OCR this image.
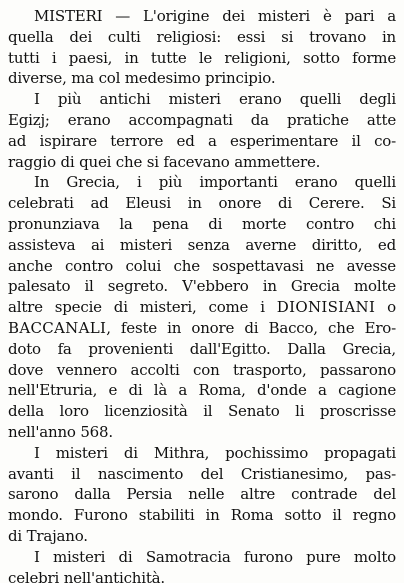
MISTERI — L'origine dei misteri è pari a
quella dei culti religiosi: essi si trovano in
tutti i paesi, in tutte le religioni, sotto forme
diverse, ma col medesimo principio.
I più antichi misteri erano quelli degli
Egizj; erano accompagnati da pratiche atte
ad ispirare terrore ed a esperimentare il co-
raggio di quei che si facevano ammettere.
In Grecia, i più importanti erano quelli
celebrati ad Eleusi in onore di Cerere. Si
pronunziava la pena di morte contro chi
assisteva ai misteri senza averne diritto, ed
anche contro colui che sospettavasi ne avesse
palesato il segreto. V'ebbero in Grecia molte
altre specie di misteri, come i DIONISIANI o
BACCANALI, feste in onore di Bacco, che Ero-
doto fa provenienti dall'Egitto. Dalla Grecia,
dove vennero accolti con trasporto, passarono
nell'Etruria, e di là a Roma, d'onde a cagione
della loro licenziosità il Senato li proscrisse
nell'anno 568.
I misteri di Mithra, pochissimo propagati
avanti il nascimento del Cristianesimo, pas-
sarono dalla Persia nelle altre contrade del
mondo. Furono stabiliti in Roma sotto il regno
di Trajano.
I misteri di Samotracia furono pure molto
celebri nell'antichità.
